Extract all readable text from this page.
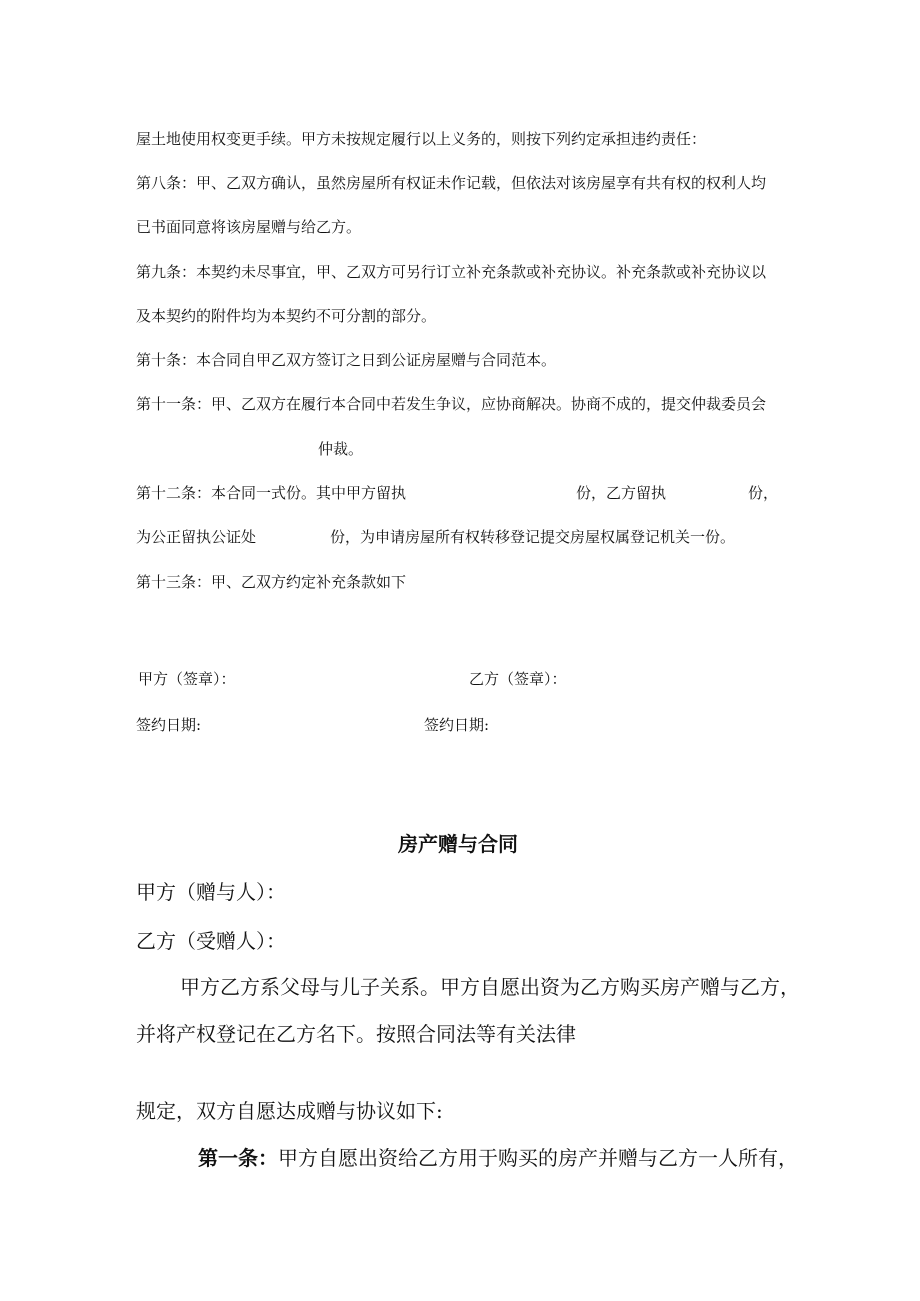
屋土地使用权变更手续。甲方未按规定履行以上义务的，则按下列约定承担违约责任：

第八条：甲、乙双方确认，虽然房屋所有权证未作记载，但依法对该房屋享有共有权的权利人均

已书面同意将该房屋赠与给乙方。

第九条：本契约未尽事宜，甲、乙双方可另行订立补充条款或补充协议。补充条款或补充协议以

及本契约的附件均为本契约不可分割的部分。

第十条：本合同自甲乙双方签订之日到公证房屋赠与合同范本。

第十一条：甲、乙双方在履行本合同中若发生争议，应协商解决。协商不成的，提交仲裁委员会

仲裁。

第十二条：本合同一式份。其中甲方留执	份，乙方留执	份，

为公正留执公证处	份，为申请房屋所有权转移登记提交房屋权属登记机关一份。

第十三条：甲、乙双方约定补充条款如下

甲方（签章）：	乙方（签章）：

签约日期:	签约日期:

房产赠与合同

甲方（赠与人）：

乙方（受赠人）：

甲方乙方系父母与儿子关系。甲方自愿出资为乙方购买房产赠与乙方，

并将产权登记在乙方名下。按照合同法等有关法律

规定，双方自愿达成赠与协议如下:

第一条：甲方自愿出资给乙方用于购买的房产并赠与乙方一人所有，
